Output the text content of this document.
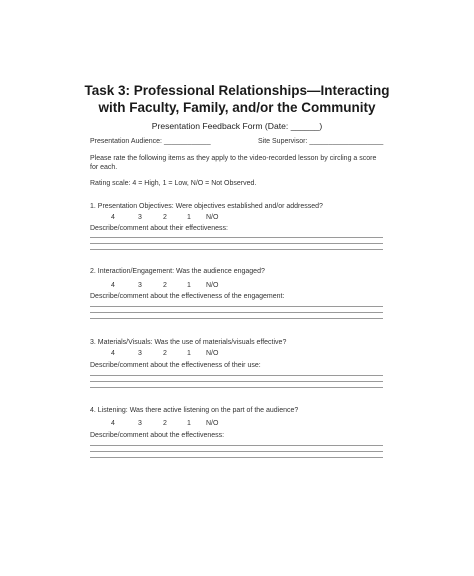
Task 3: Professional Relationships—Interacting
with Faculty, Family, and/or the Community
Presentation Feedback Form (Date: ______)
Presentation Audience: ____________	Site Supervisor: ___________________
Please rate the following items as they apply to the video-recorded lesson by circling a score
for each.
Rating scale: 4 = High, 1 = Low, N/O = Not Observed.
1. Presentation Objectives: Were objectives established and/or addressed?
4	3	2	1 N/O
Describe/comment about their effectiveness:
2. Interaction/Engagement: Was the audience engaged?
4	3	2	1 N/O
Describe/comment about the effectiveness of the engagement:
3. Materials/Visuals: Was the use of materials/visuals effective?
4	3	2	1 N/O
Describe/comment about the effectiveness of their use:
4. Listening: Was there active listening on the part of the audience?
4	3	2	1 N/O
Describe/comment about the effectiveness:
